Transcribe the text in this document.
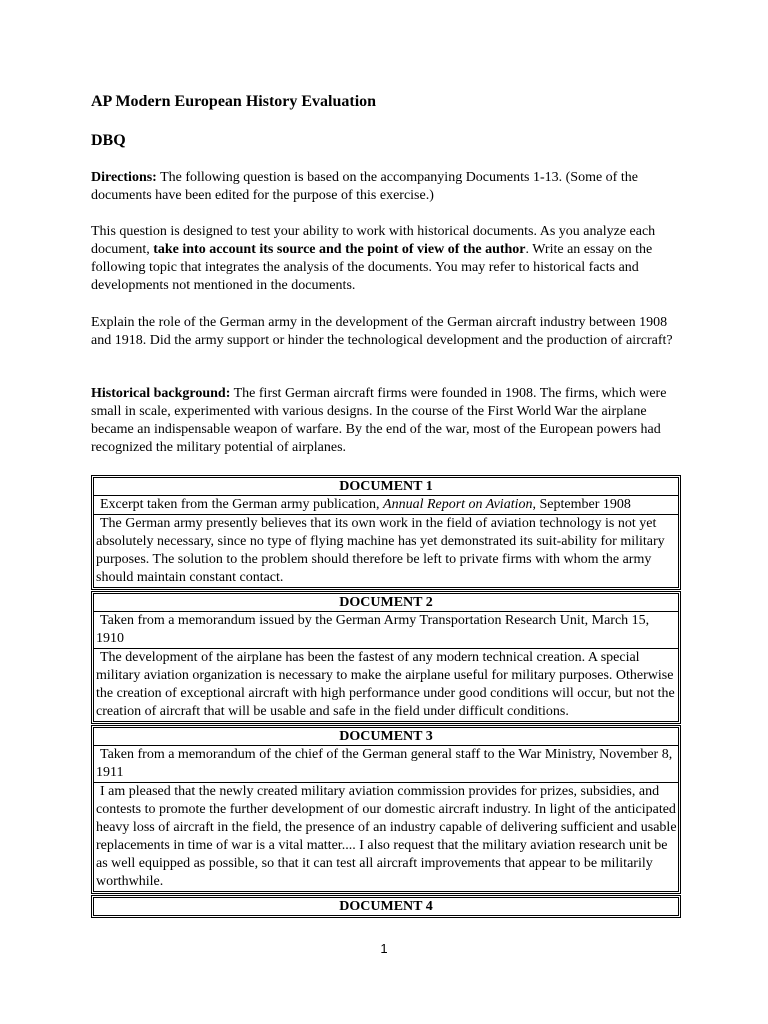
AP Modern European History Evaluation
DBQ

Directions: The following question is based on the accompanying Documents 1-13. (Some of the documents have been edited for the purpose of this exercise.)

This question is designed to test your ability to work with historical documents. As you analyze each document, take into account its source and the point of view of the author. Write an essay on the following topic that integrates the analysis of the documents. You may refer to historical facts and developments not mentioned in the documents.

Explain the role of the German army in the development of the German aircraft industry between 1908 and 1918. Did the army support or hinder the technological development and the production of aircraft?

Historical background: The first German aircraft firms were founded in 1908. The firms, which were small in scale, experimented with various designs. In the course of the First World War the airplane became an indispensable weapon of warfare. By the end of the war, most of the European powers had recognized the military potential of airplanes.

DOCUMENT 1
Excerpt taken from the German army publication, Annual Report on Aviation, September 1908
The German army presently believes that its own work in the field of aviation technology is not yet absolutely necessary, since no type of flying machine has yet demonstrated its suit-ability for military purposes. The solution to the problem should therefore be left to private firms with whom the army should maintain constant contact.
DOCUMENT 2
Taken from a memorandum issued by the German Army Transportation Research Unit, March 15, 1910
The development of the airplane has been the fastest of any modern technical creation. A special military aviation organization is necessary to make the airplane useful for military purposes. Otherwise the creation of exceptional aircraft with high performance under good conditions will occur, but not the creation of aircraft that will be usable and safe in the field under difficult conditions.
DOCUMENT 3
Taken from a memorandum of the chief of the German general staff to the War Ministry, November 8, 1911
I am pleased that the newly created military aviation commission provides for prizes, subsidies, and contests to promote the further development of our domestic aircraft industry. In light of the anticipated heavy loss of aircraft in the field, the presence of an industry capable of delivering sufficient and usable replacements in time of war is a vital matter.... I also request that the military aviation research unit be as well equipped as possible, so that it can test all aircraft improvements that appear to be militarily worthwhile.
DOCUMENT 4
1
